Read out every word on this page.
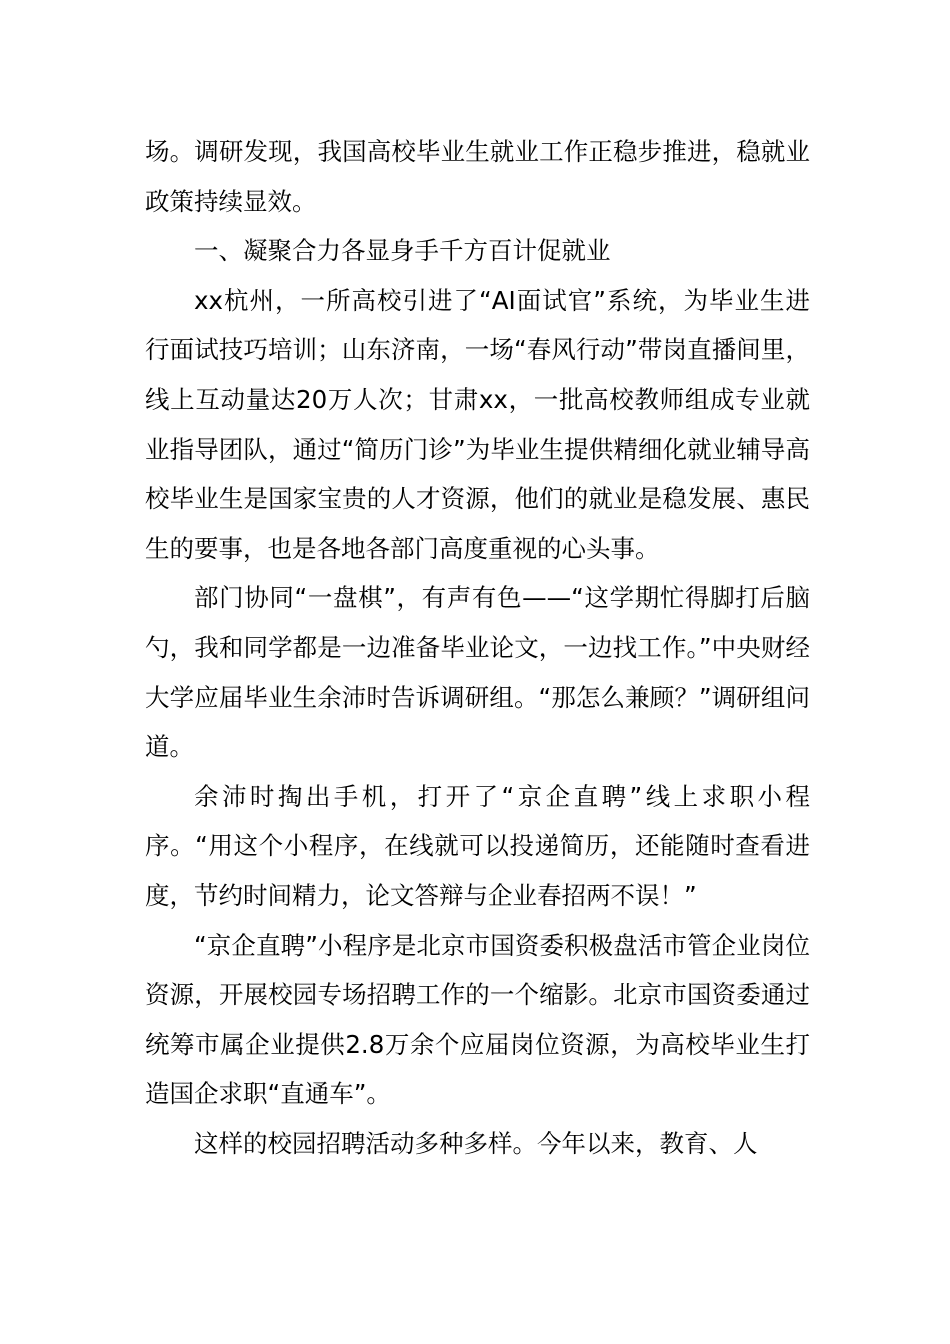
场。调研发现，我国高校毕业生就业工作正稳步推进，稳就业政策持续显效。

一、凝聚合力各显身手千方百计促就业

xx杭州，一所高校引进了“AI面试官”系统，为毕业生进行面试技巧培训；山东济南，一场“春风行动”带岗直播间里，线上互动量达20万人次；甘肃xx，一批高校教师组成专业就业指导团队，通过“简历门诊”为毕业生提供精细化就业辅导高校毕业生是国家宝贵的人才资源，他们的就业是稳发展、惠民生的要事，也是各地各部门高度重视的心头事。

部门协同“一盘棋”，有声有色——“这学期忙得脚打后脑勺，我和同学都是一边准备毕业论文，一边找工作。”中央财经大学应届毕业生余沛时告诉调研组。“那怎么兼顾？”调研组问道。

余沛时掏出手机，打开了“京企直聘”线上求职小程序。“用这个小程序，在线就可以投递简历，还能随时查看进度，节约时间精力，论文答辩与企业春招两不误！”

“京企直聘”小程序是北京市国资委积极盘活市管企业岗位资源，开展校园专场招聘工作的一个缩影。北京市国资委通过统筹市属企业提供2.8万余个应届岗位资源，为高校毕业生打造国企求职“直通车”。

这样的校园招聘活动多种多样。今年以来，教育、人
